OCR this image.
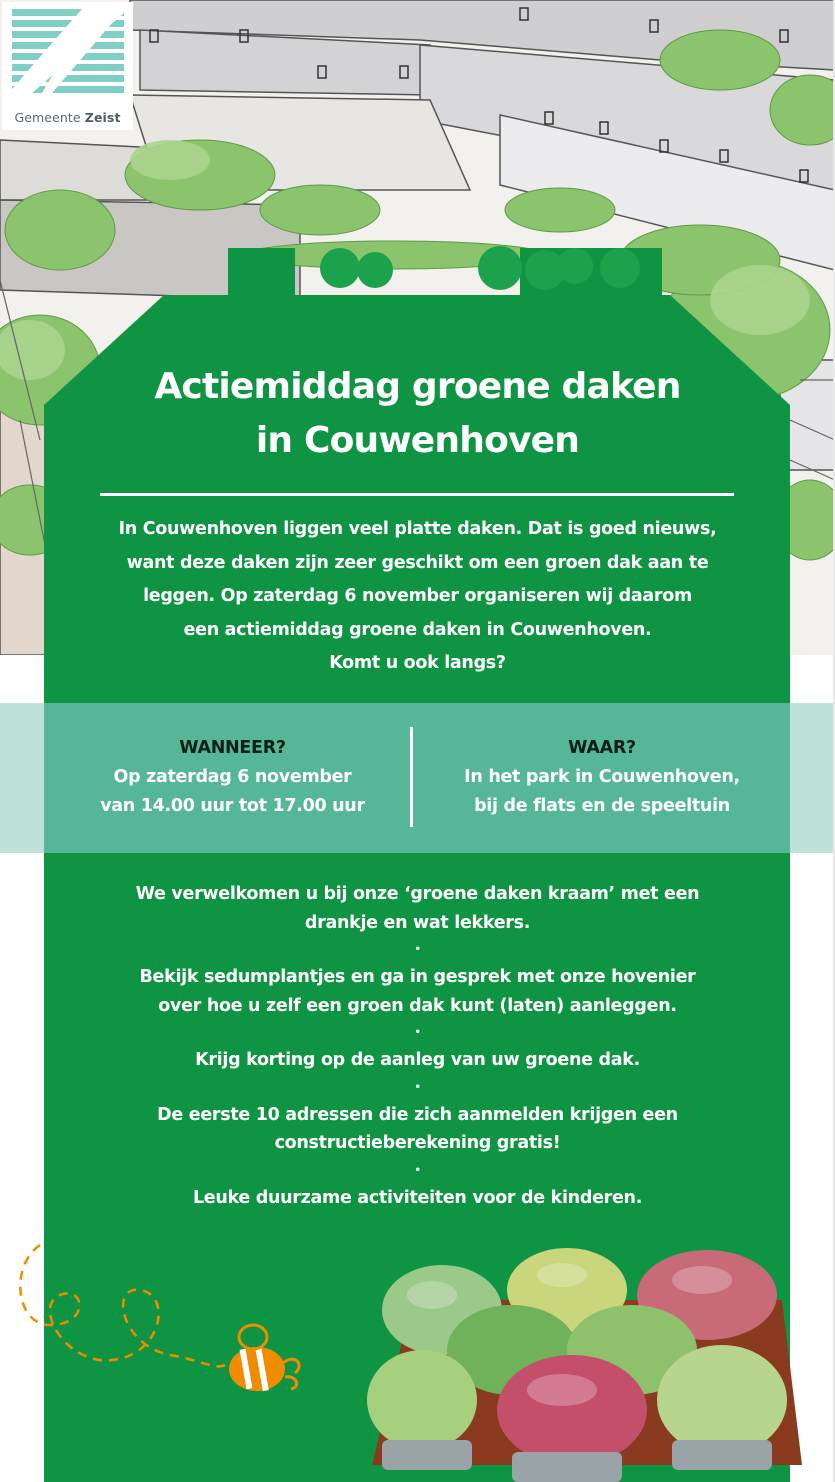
Gemeente Zeist
Actiemiddag groene daken
in Couwenhoven
In Couwenhoven liggen veel platte daken. Dat is goed nieuws,
want deze daken zijn zeer geschikt om een groen dak aan te
leggen. Op zaterdag 6 november organiseren wij daarom
een actiemiddag groene daken in Couwenhoven.
Komt u ook langs?
WANNEER?
Op zaterdag 6 november
van 14.00 uur tot 17.00 uur
WAAR?
In het park in Couwenhoven,
bij de flats en de speeltuin
We verwelkomen u bij onze ‘groene daken kraam’ met een
drankje en wat lekkers.
•
Bekijk sedumplantjes en ga in gesprek met onze hovenier
over hoe u zelf een groen dak kunt (laten) aanleggen.
•
Krijg korting op de aanleg van uw groene dak.
•
De eerste 10 adressen die zich aanmelden krijgen een
constructieberekening gratis!
•
Leuke duurzame activiteiten voor de kinderen.
